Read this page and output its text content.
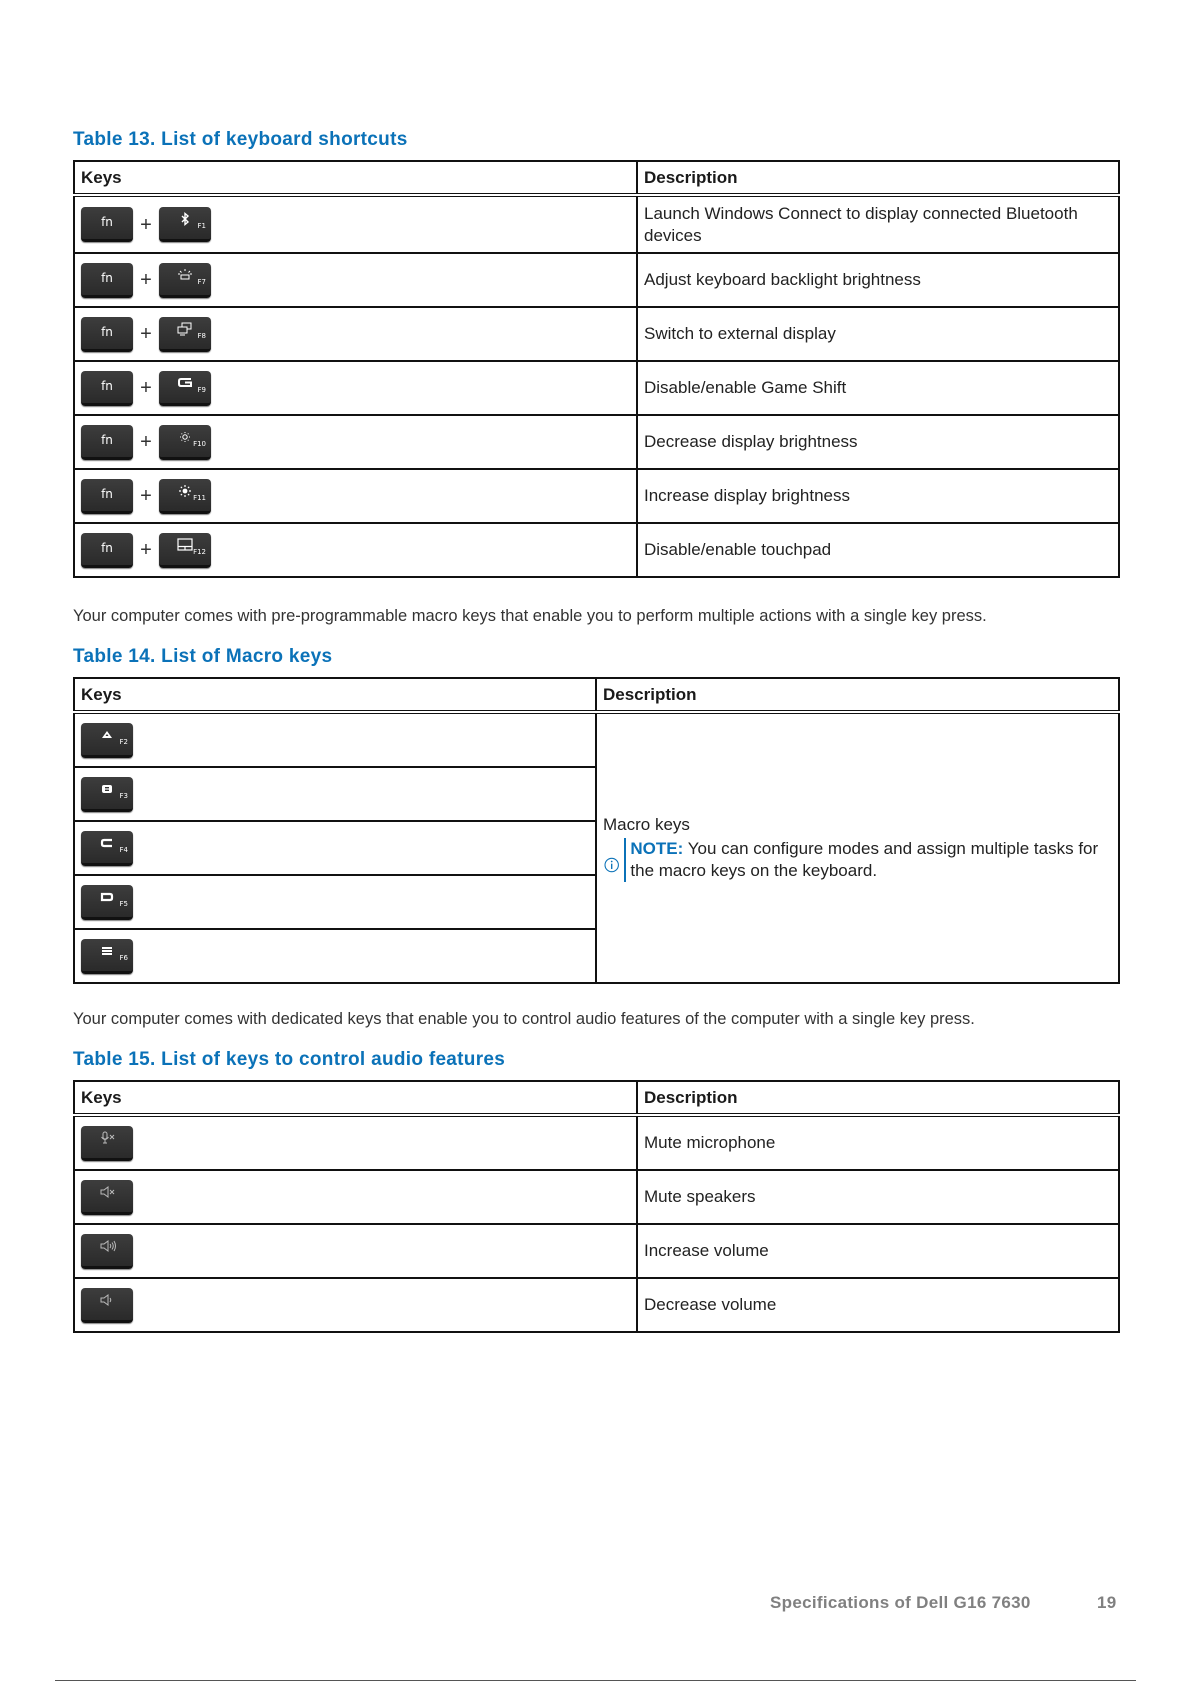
Table 13. List of keyboard shortcuts
Keys	Description

fn + F1	Launch Windows Connect to display connected Bluetooth devices

fn + F7	Adjust keyboard backlight brightness

fn + F8	Switch to external display

fn + F9	Disable/enable Game Shift

fn + F10	Decrease display brightness

fn + F11	Increase display brightness

fn + F12	Disable/enable touchpad
Your computer comes with pre-programmable macro keys that enable you to perform multiple actions with a single key press.
Table 14. List of Macro keys
Keys	Description

F2	Macro keys
NOTE: You can configure modes and assign multiple tasks for the macro keys on the keyboard.

F3	

F4	

F5	

F6	
Your computer comes with dedicated keys that enable you to control audio features of the computer with a single key press.
Table 15. List of keys to control audio features
Keys	Description

	Mute microphone

	Mute speakers

	Increase volume

	Decrease volume
Specifications of Dell G16 7630	19
